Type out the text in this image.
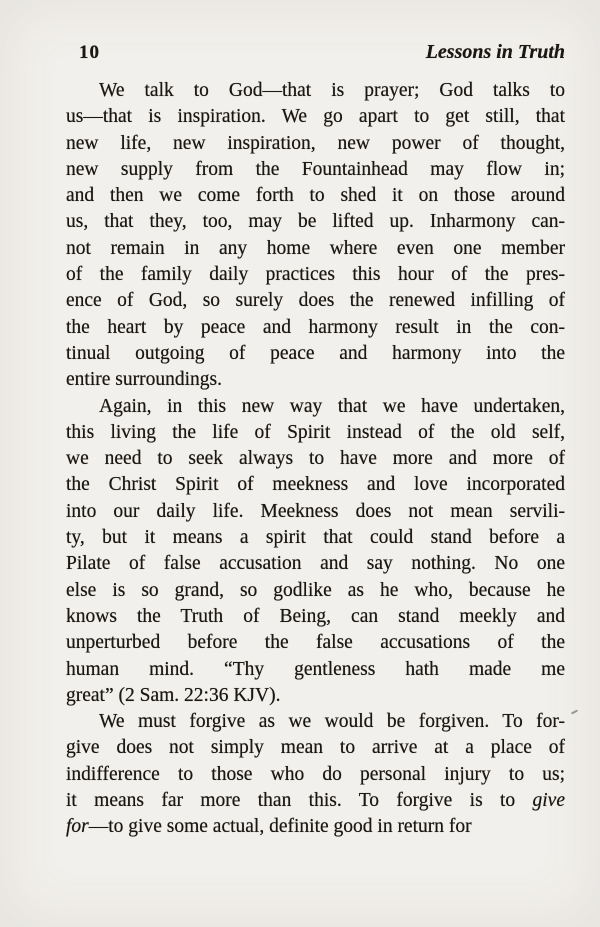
10	Lessons in Truth
We talk to God—that is prayer; God talks to
us—that is inspiration. We go apart to get still, that
new life, new inspiration, new power of thought,
new supply from the Fountainhead may flow in;
and then we come forth to shed it on those around
us, that they, too, may be lifted up. Inharmony can-
not remain in any home where even one member
of the family daily practices this hour of the pres-
ence of God, so surely does the renewed infilling of
the heart by peace and harmony result in the con-
tinual outgoing of peace and harmony into the
entire surroundings.
Again, in this new way that we have undertaken,
this living the life of Spirit instead of the old self,
we need to seek always to have more and more of
the Christ Spirit of meekness and love incorporated
into our daily life. Meekness does not mean servili-
ty, but it means a spirit that could stand before a
Pilate of false accusation and say nothing. No one
else is so grand, so godlike as he who, because he
knows the Truth of Being, can stand meekly and
unperturbed before the false accusations of the
human mind. “Thy gentleness hath made me
great” (2 Sam. 22:36 KJV).
We must forgive as we would be forgiven. To for-
give does not simply mean to arrive at a place of
indifference to those who do personal injury to us;
it means far more than this. To forgive is to give
for—to give some actual, definite good in return for
